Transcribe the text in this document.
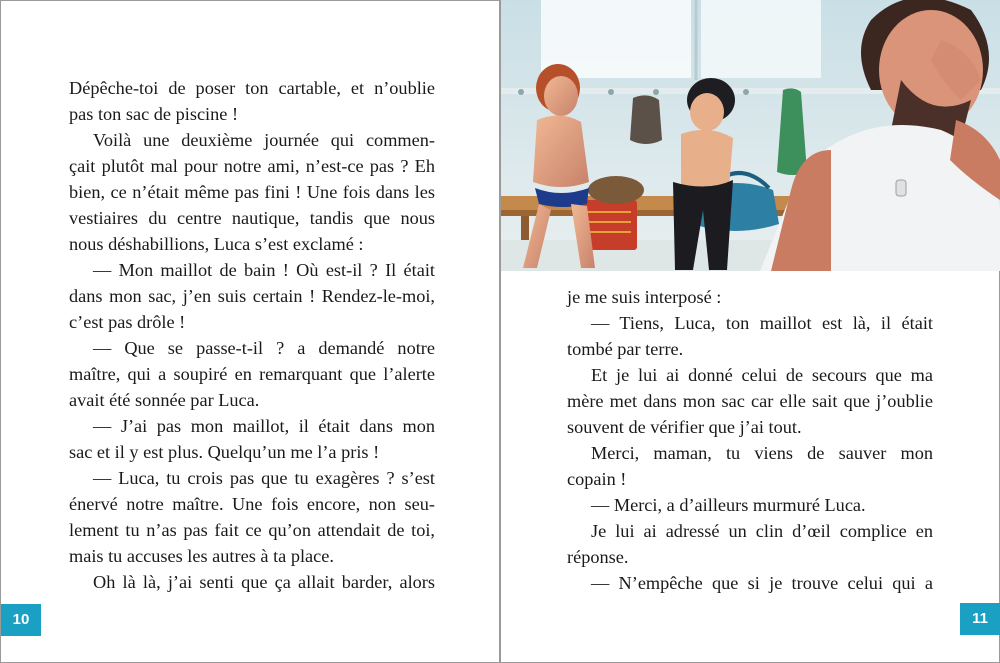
Dépêche-toi de poser ton cartable, et n’oublie

pas ton sac de piscine !

Voilà une deuxième journée qui commen-

çait plutôt mal pour notre ami, n’est-ce pas ? Eh

bien, ce n’était même pas fini ! Une fois dans les

vestiaires du centre nautique, tandis que nous

nous déshabillions, Luca s’est exclamé :

— Mon maillot de bain ! Où est-il ? Il était

dans mon sac, j’en suis certain ! Rendez-le-moi,

c’est pas drôle !

— Que se passe-t-il ? a demandé notre

maître, qui a soupiré en remarquant que l’alerte

avait été sonnée par Luca.

— J’ai pas mon maillot, il était dans mon

sac et il y est plus. Quelqu’un me l’a pris !

— Luca, tu crois pas que tu exagères ? s’est

énervé notre maître. Une fois encore, non seu-

lement tu n’as pas fait ce qu’on attendait de toi,

mais tu accuses les autres à ta place.

Oh là là, j’ai senti que ça allait barder, alors

10

je me suis interposé :

— Tiens, Luca, ton maillot est là, il était

tombé par terre.

Et je lui ai donné celui de secours que ma

mère met dans mon sac car elle sait que j’oublie

souvent de vérifier que j’ai tout.

Merci, maman, tu viens de sauver mon

copain !

— Merci, a d’ailleurs murmuré Luca.

Je lui ai adressé un clin d’œil complice en

réponse.

— N’empêche que si je trouve celui qui a

11
